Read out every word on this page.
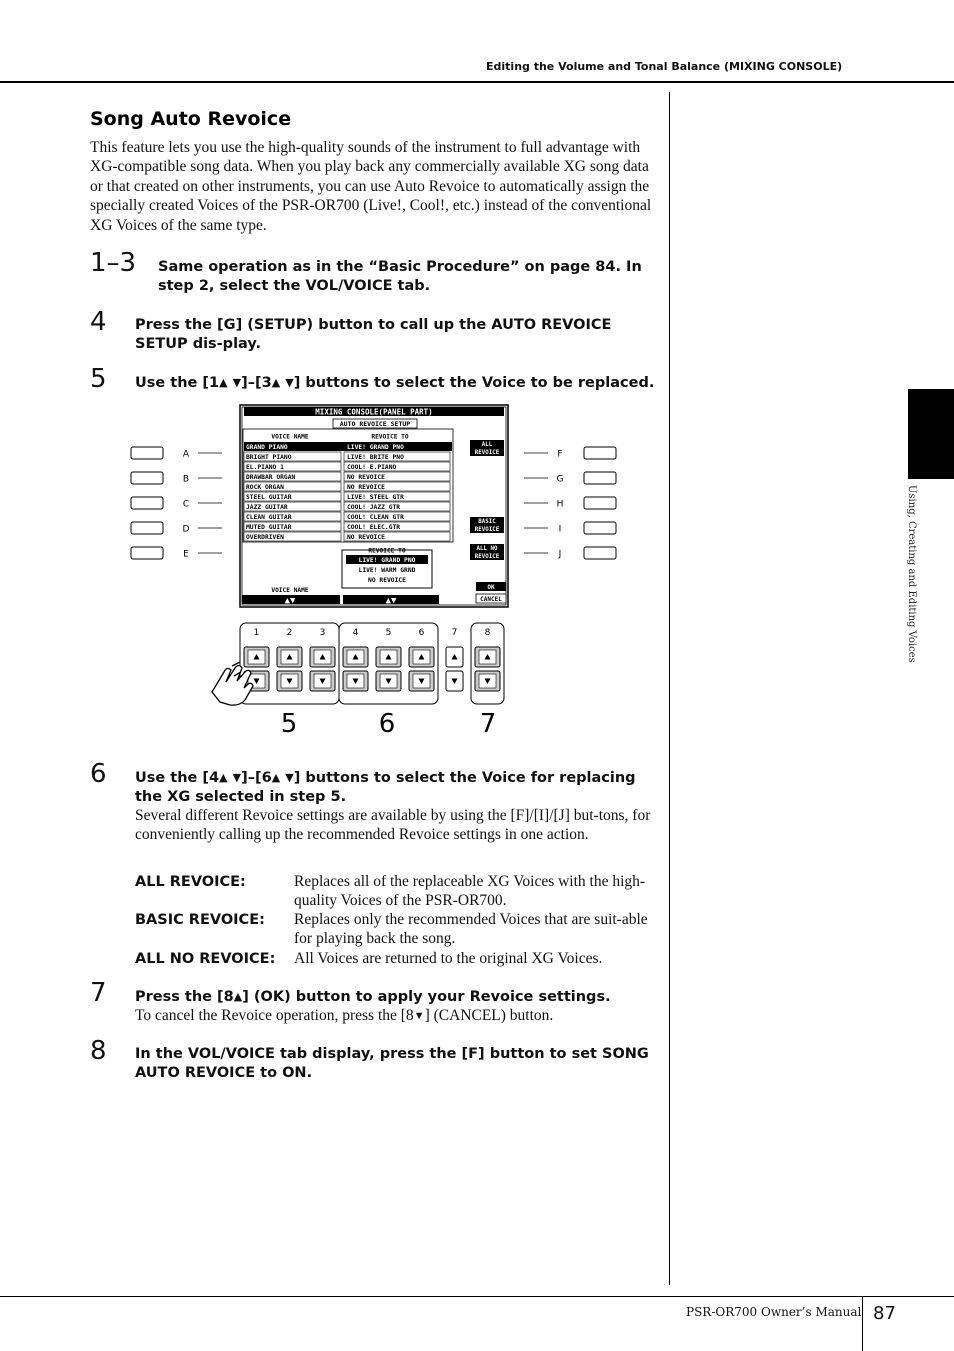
Editing the Volume and Tonal Balance (MIXING CONSOLE)
Using, Creating and Editing Voices
Song Auto Revoice
This feature lets you use the high-quality sounds of the instrument to full advantage with XG-compatible song data. When you play back any commercially available XG song data or that created on other instruments, you can use Auto Revoice to automatically assign the specially created Voices of the PSR-OR700 (Live!, Cool!, etc.) instead of the conventional XG Voices of the same type.
1–3 Same operation as in the “Basic Procedure” on page 84. In step 2, select the VOL/VOICE tab.
4 Press the [G] (SETUP) button to call up the AUTO REVOICE SETUP dis-play.
5 Use the [1▲ ▼]–[3▲ ▼] buttons to select the Voice to be replaced.
MIXING CONSOLE(PANEL PART)
AUTO REVOICE SETUP
VOICE NAME	REVOICE TO
GRAND PIANO	LIVE! GRAND PNO
BRIGHT PIANO	LIVE! BRITE PNO
EL.PIANO 1	COOL! E.PIANO
DRAWBAR ORGAN	NO REVOICE
ROCK ORGAN	NO REVOICE
STEEL GUITAR	LIVE! STEEL GTR
JAZZ GUITAR	COOL! JAZZ GTR
CLEAN GUITAR	COOL! CLEAN GTR
MUTED GUITAR	COOL! ELEC.GTR
OVERDRIVEN	NO REVOICE
REVOICE TO
LIVE! GRAND PNO
LIVE! WARM GRND
NO REVOICE
ALL
REVOICE
BASIC
REVOICE
ALL NO
REVOICE
OK
CANCEL
VOICE NAME
▲▼	▲▼
A
B
C
D
E
F
G
H
I
J
1	2	3	4	5	6	7	8
5	6	7
6 Use the [4▲ ▼]–[6▲ ▼] buttons to select the Voice for replacing the XG selected in step 5.
Several different Revoice settings are available by using the [F]/[I]/[J] but-tons, for conveniently calling up the recommended Revoice settings in one action.
ALL REVOICE:	Replaces all of the replaceable XG Voices with the high-quality Voices of the PSR-OR700.
BASIC REVOICE: Replaces only the recommended Voices that are suit-able for playing back the song.
ALL NO REVOICE: All Voices are returned to the original XG Voices.
7 Press the [8▲] (OK) button to apply your Revoice settings.
To cancel the Revoice operation, press the [8▼] (CANCEL) button.
8 In the VOL/VOICE tab display, press the [F] button to set SONG AUTO REVOICE to ON.
PSR-OR700 Owner’s Manual 87
